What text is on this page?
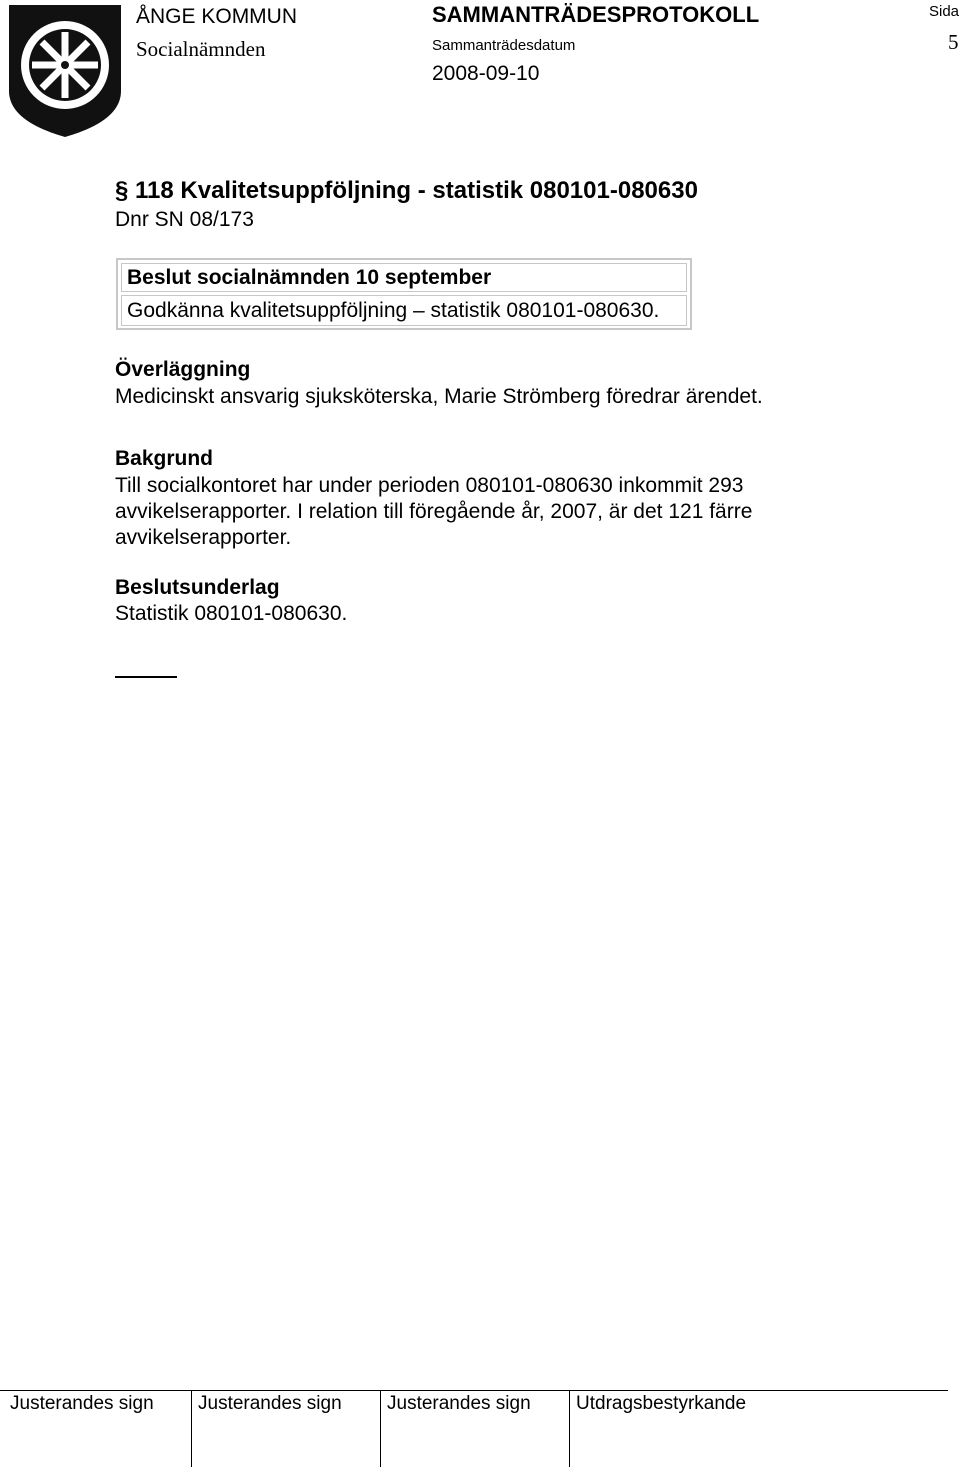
ÅNGE KOMMUN
Socialnämnden
SAMMANTRÄDESPROTOKOLL
Sammanträdesdatum
2008-09-10
Sida
5
§ 118 Kvalitetsuppföljning - statistik 080101-080630
Dnr SN 08/173
Beslut socialnämnden 10 september
Godkänna kvalitetsuppföljning – statistik 080101-080630.
Överläggning
Medicinskt ansvarig sjuksköterska, Marie Strömberg föredrar ärendet.
Bakgrund
Till socialkontoret har under perioden 080101-080630 inkommit 293
avvikelserapporter. I relation till föregående år, 2007, är det 121 färre
avvikelserapporter.
Beslutsunderlag
Statistik 080101-080630.
Justerandes sign Justerandes sign Justerandes sign Utdragsbestyrkande
